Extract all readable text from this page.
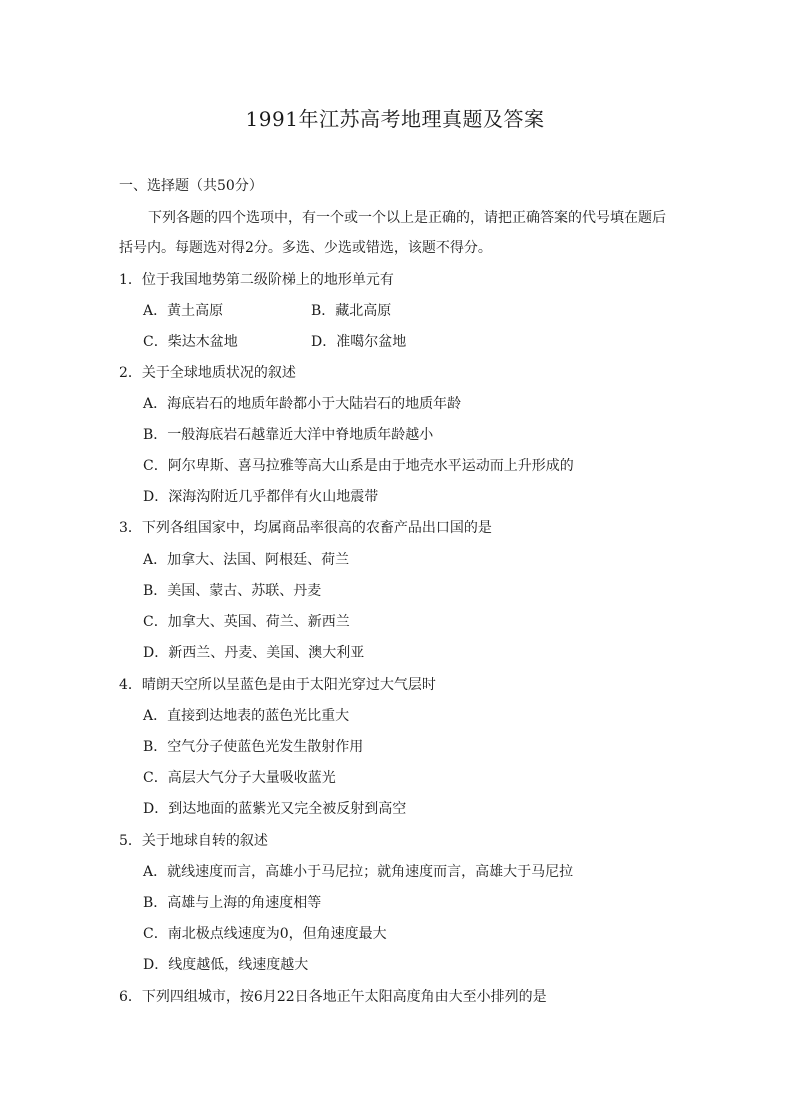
1991年江苏高考地理真题及答案
一、选择题（共50分）
下列各题的四个选项中，有一个或一个以上是正确的，请把正确答案的代号填在题后
括号内。每题选对得2分。多选、少选或错选，该题不得分。
1．位于我国地势第二级阶梯上的地形单元有
A．黄土高原	B．藏北高原
C．柴达木盆地	D．准噶尔盆地
2．关于全球地质状况的叙述
A．海底岩石的地质年龄都小于大陆岩石的地质年龄
B．一般海底岩石越靠近大洋中脊地质年龄越小
C．阿尔卑斯、喜马拉雅等高大山系是由于地壳水平运动而上升形成的
D．深海沟附近几乎都伴有火山地震带
3．下列各组国家中，均属商品率很高的农畜产品出口国的是
A．加拿大、法国、阿根廷、荷兰
B．美国、蒙古、苏联、丹麦
C．加拿大、英国、荷兰、新西兰
D．新西兰、丹麦、美国、澳大利亚
4．晴朗天空所以呈蓝色是由于太阳光穿过大气层时
A．直接到达地表的蓝色光比重大
B．空气分子使蓝色光发生散射作用
C．高层大气分子大量吸收蓝光
D．到达地面的蓝紫光又完全被反射到高空
5．关于地球自转的叙述
A．就线速度而言，高雄小于马尼拉；就角速度而言，高雄大于马尼拉
B．高雄与上海的角速度相等
C．南北极点线速度为0，但角速度最大
D．线度越低，线速度越大
6．下列四组城市，按6月22日各地正午太阳高度角由大至小排列的是
